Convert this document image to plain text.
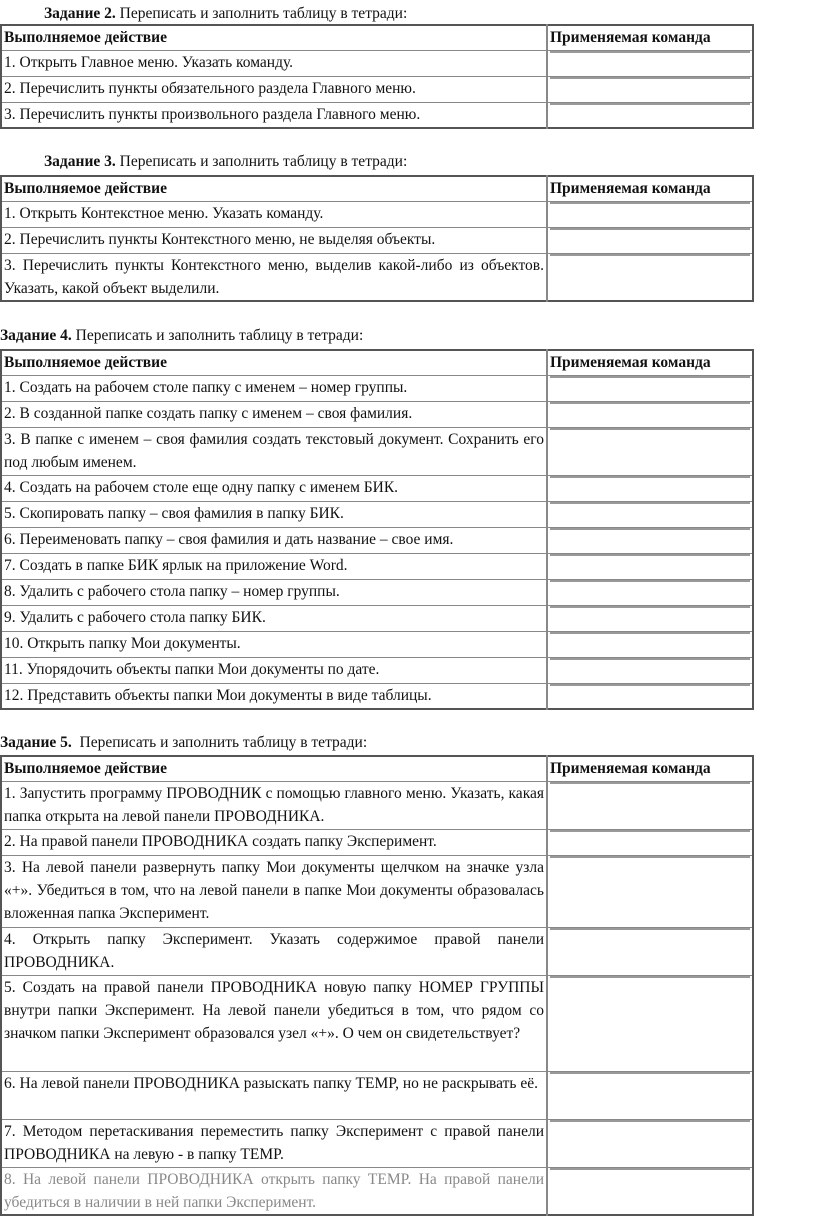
Задание 2. Переписать и заполнить таблицу в тетради:
Выполняемое действие	Применяемая команда
1. Открыть Главное меню. Указать команду.	

2. Перечислить пункты обязательного раздела Главного меню.	

3. Перечислить пункты произвольного раздела Главного меню.	
Задание 3. Переписать и заполнить таблицу в тетради:
Выполняемое действие	Применяемая команда
1. Открыть Контекстное меню. Указать команду.	

2. Перечислить пункты Контекстного меню, не выделяя объекты.	

3. Перечислить пункты Контекстного меню, выделив какой-либо из объектов. Указать, какой объект выделили.	
Задание 4. Переписать и заполнить таблицу в тетради:
Выполняемое действие	Применяемая команда
1. Создать на рабочем столе папку с именем – номер группы.	

2. В созданной папке создать папку с именем – своя фамилия.	

3. В папке с именем – своя фамилия создать текстовый документ. Сохранить его под любым именем.	

4. Создать на рабочем столе еще одну папку с именем БИК.	

5. Скопировать папку – своя фамилия в папку БИК.	

6. Переименовать папку – своя фамилия и дать название – свое имя.	

7. Создать в папке БИК ярлык на приложение Word.	

8. Удалить с рабочего стола папку – номер группы.	

9. Удалить с рабочего стола папку БИК.	

10. Открыть папку Мои документы.	

11. Упорядочить объекты папки Мои документы по дате.	

12. Представить объекты папки Мои документы в виде таблицы.	
Задание 5.  Переписать и заполнить таблицу в тетради:
Выполняемое действие	Применяемая команда
1. Запустить программу ПРОВОДНИК с помощью главного меню. Указать, какая папка открыта на левой панели ПРОВОДНИКА.	

2. На правой панели ПРОВОДНИКА создать папку Эксперимент.	

3. На левой панели развернуть папку Мои документы щелчком на значке узла «+». Убедиться в том, что на левой панели в папке Мои документы образовалась вложенная папка Эксперимент.	

4. Открыть папку Эксперимент. Указать содержимое правой панели ПРОВОДНИКА.	

5. Создать на правой панели ПРОВОДНИКА новую папку НОМЕР ГРУППЫ внутри папки Эксперимент. На левой панели убедиться в том, что рядом со значком папки Эксперимент образовался узел «+». О чем он свидетельствует?	

6. На левой панели ПРОВОДНИКА разыскать папку TEMP, но не раскрывать её.	

7. Методом перетаскивания переместить папку Эксперимент с правой панели ПРОВОДНИКА на левую - в папку TEMP.	

8. На левой панели ПРОВОДНИКА открыть папку TEMP. На правой панели убедиться в наличии в ней папки Эксперимент.	
